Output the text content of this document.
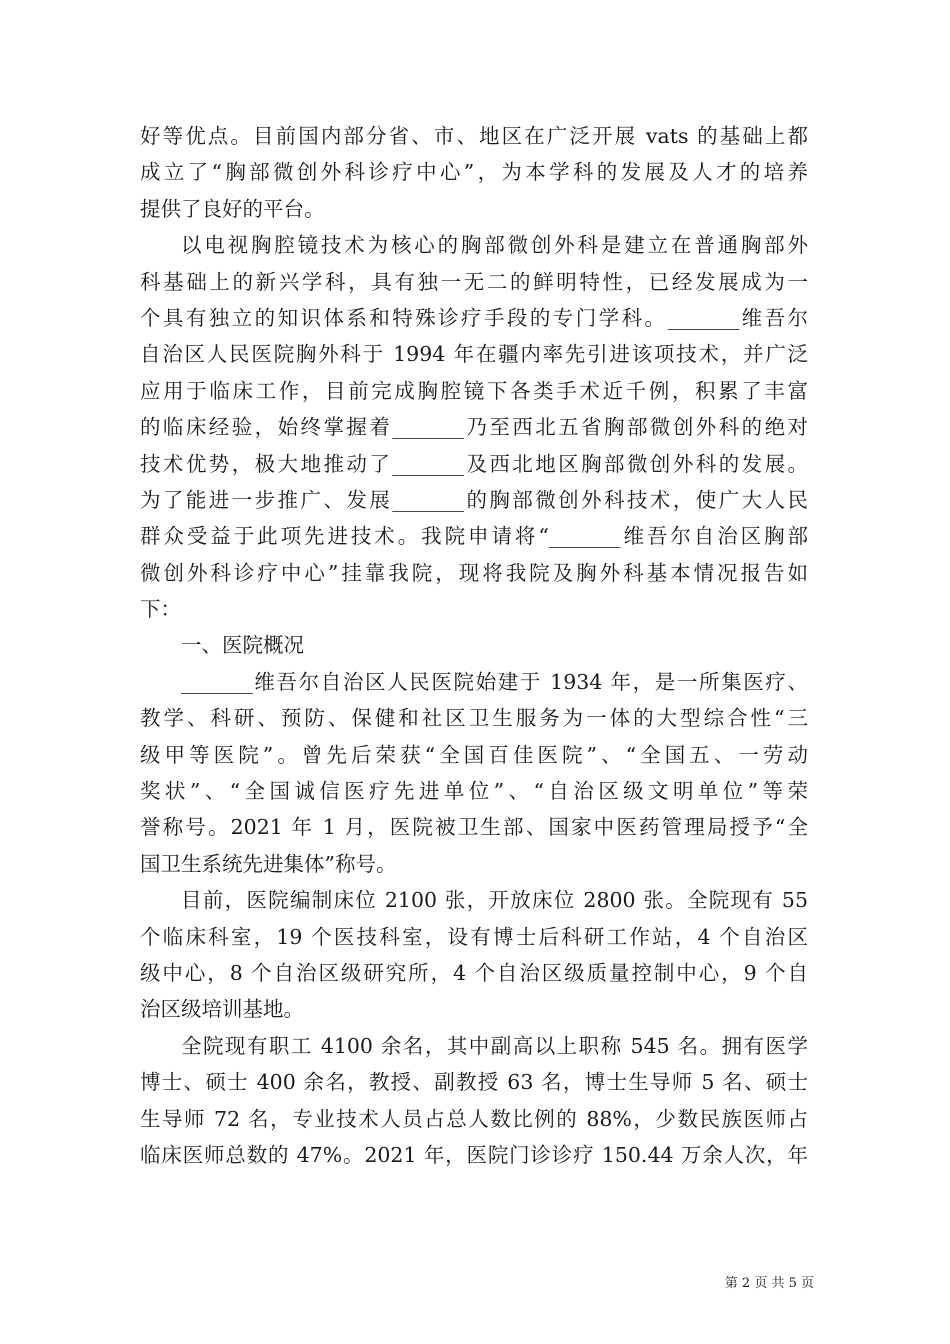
好等优点。目前国内部分省、市、地区在广泛开展 vats 的基础上都
成立了“胸部微创外科诊疗中心”，为本学科的发展及人才的培养
提供了良好的平台。
以电视胸腔镜技术为核心的胸部微创外科是建立在普通胸部外
科基础上的新兴学科，具有独一无二的鲜明特性，已经发展成为一
个具有独立的知识体系和特殊诊疗手段的专门学科。_______维吾尔
自治区人民医院胸外科于 1994 年在疆内率先引进该项技术，并广泛
应用于临床工作，目前完成胸腔镜下各类手术近千例，积累了丰富
的临床经验，始终掌握着_______乃至西北五省胸部微创外科的绝对
技术优势，极大地推动了_______及西北地区胸部微创外科的发展。
为了能进一步推广、发展_______的胸部微创外科技术，使广大人民
群众受益于此项先进技术。我院申请将“_______维吾尔自治区胸部
微创外科诊疗中心”挂靠我院，现将我院及胸外科基本情况报告如
下：
一、医院概况
_______维吾尔自治区人民医院始建于 1934 年，是一所集医疗、
教学、科研、预防、保健和社区卫生服务为一体的大型综合性“三
级甲等医院”。曾先后荣获“全国百佳医院”、“全国五、一劳动
奖状”、“全国诚信医疗先进单位”、“自治区级文明单位”等荣
誉称号。2021 年 1 月，医院被卫生部、国家中医药管理局授予“全
国卫生系统先进集体”称号。
目前，医院编制床位 2100 张，开放床位 2800 张。全院现有 55
个临床科室，19 个医技科室，设有博士后科研工作站，4 个自治区
级中心，8 个自治区级研究所，4 个自治区级质量控制中心，9 个自
治区级培训基地。
全院现有职工 4100 余名，其中副高以上职称 545 名。拥有医学
博士、硕士 400 余名，教授、副教授 63 名，博士生导师 5 名、硕士
生导师 72 名，专业技术人员占总人数比例的 88%，少数民族医师占
临床医师总数的 47%。2021 年，医院门诊诊疗 150.44 万余人次，年
第 2 页 共 5 页
